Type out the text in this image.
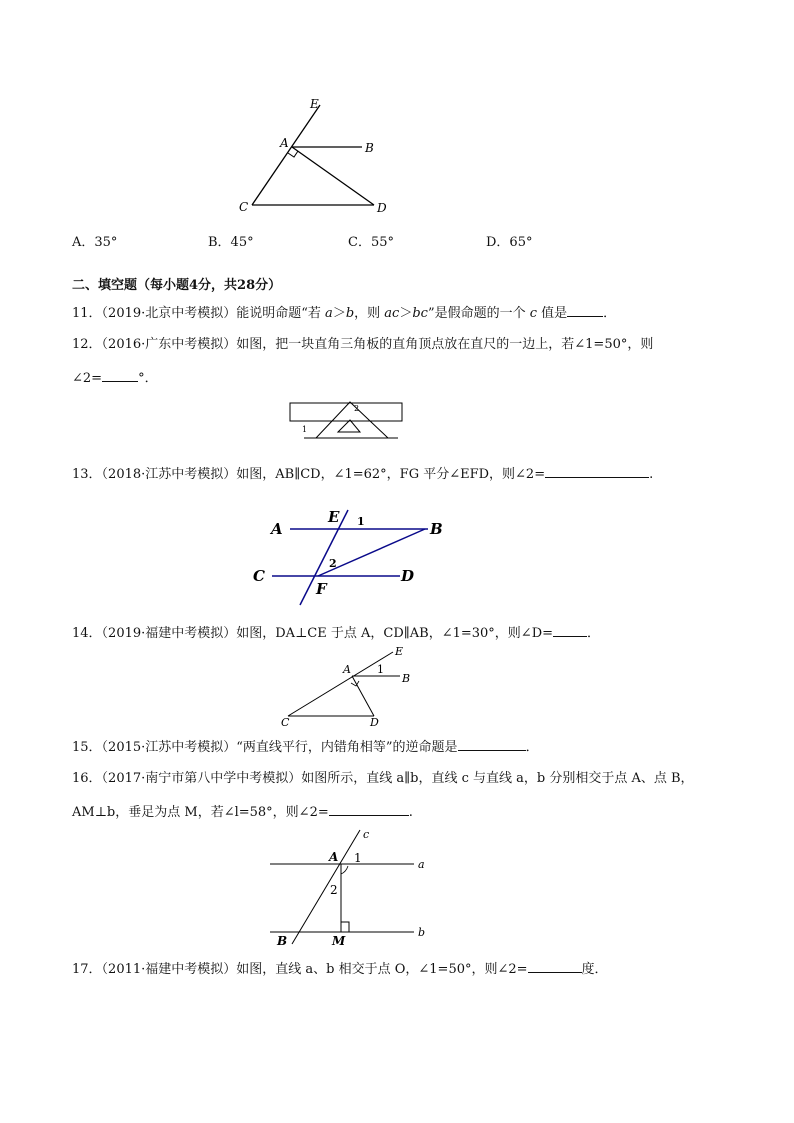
E
A	B
C	D
A．35°	B．45°	C．55°	D．65°
二、填空题（每小题4分，共28分）
11．（2019·北京中考模拟）能说明命题“若 a＞b，则 ac＞bc”是假命题的一个 c 值是	．
12．（2016·广东中考模拟）如图，把一块直角三角板的直角顶点放在直尺的一边上，若∠1=50°，则
∠2=	°．
1
2
13．（2018·江苏中考模拟）如图，AB∥CD，∠1=62°，FG 平分∠EFD，则∠2=	.
A
E 1	B
2
C
F
D
14．（2019·福建中考模拟）如图，DA⊥CE 于点 A，CD∥AB，∠1=30°，则∠D=	．
A
E
1
B
C	D
15．（2015·江苏中考模拟）“两直线平行，内错角相等”的逆命题是	．
16．（2017·南宁市第八中学中考模拟）如图所示，直线 a∥b，直线 c 与直线 a，b 分别相交于点 A、点 B，
AM⊥b，垂足为点 M，若∠l=58°，则∠2=	.
c
A 1	a
2
B	M
b
17．（2011·福建中考模拟）如图，直线 a、b 相交于点 O，∠1=50°，则∠2=	度．
